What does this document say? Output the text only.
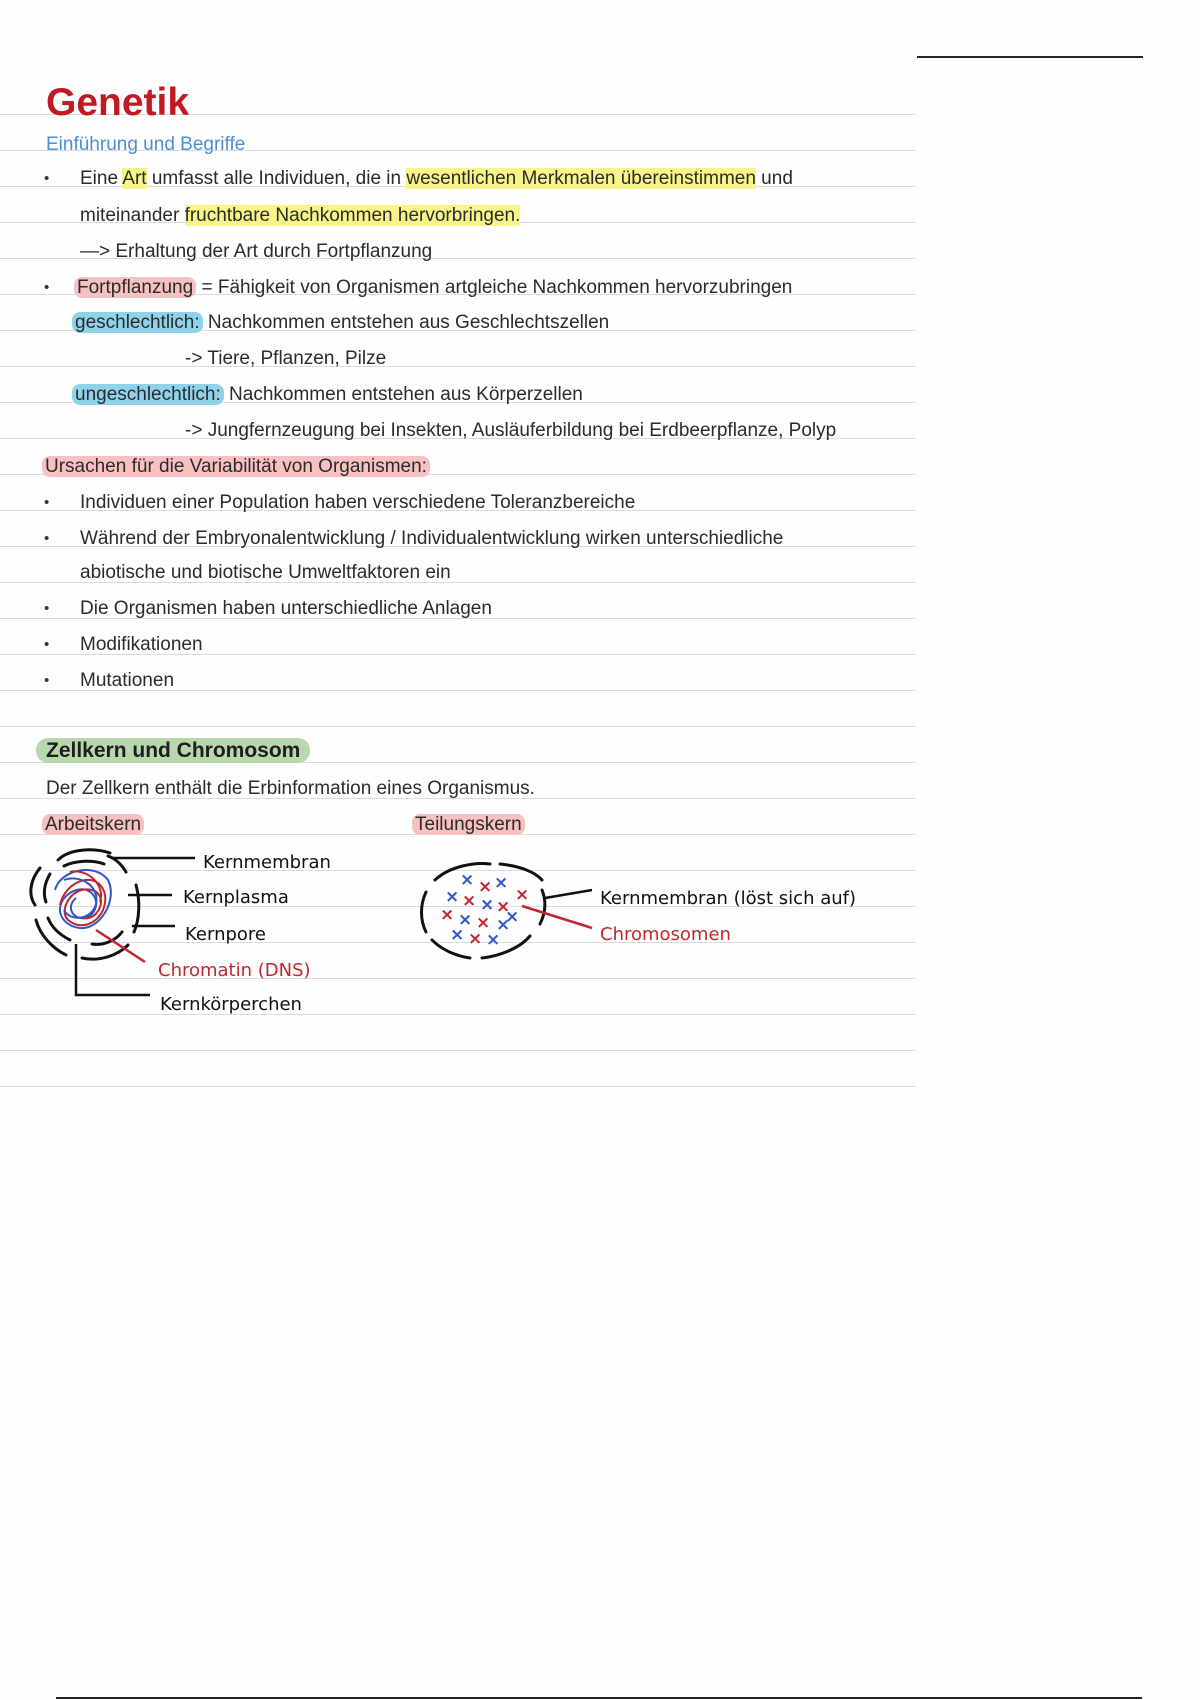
Genetik
Einführung und Begriffe
• Eine Art umfasst alle Individuen, die in wesentlichen Merkmalen übereinstimmen und
miteinander fruchtbare Nachkommen hervorbringen.
—> Erhaltung der Art durch Fortpflanzung
• Fortpflanzung = Fähigkeit von Organismen artgleiche Nachkommen hervorzubringen
geschlechtlich: Nachkommen entstehen aus Geschlechtszellen
-> Tiere, Pflanzen, Pilze
ungeschlechtlich: Nachkommen entstehen aus Körperzellen
-> Jungfernzeugung bei Insekten, Ausläuferbildung bei Erdbeerpflanze, Polyp
Ursachen für die Variabilität von Organismen:
• Individuen einer Population haben verschiedene Toleranzbereiche
• Während der Embryonalentwicklung / Individualentwicklung wirken unterschiedliche
abiotische und biotische Umweltfaktoren ein
• Die Organismen haben unterschiedliche Anlagen
• Modifikationen
• Mutationen
Zellkern und Chromosom
Der Zellkern enthält die Erbinformation eines Organismus.
Arbeitskern	Teilungskern
Kernmembran
Kernplasma
Kernpore
Chromatin (DNS)
Kernkörperchen
× × ×
× × × ×
×
× × × ×
× × ×
×
Kernmembran (löst sich auf)
Chromosomen
